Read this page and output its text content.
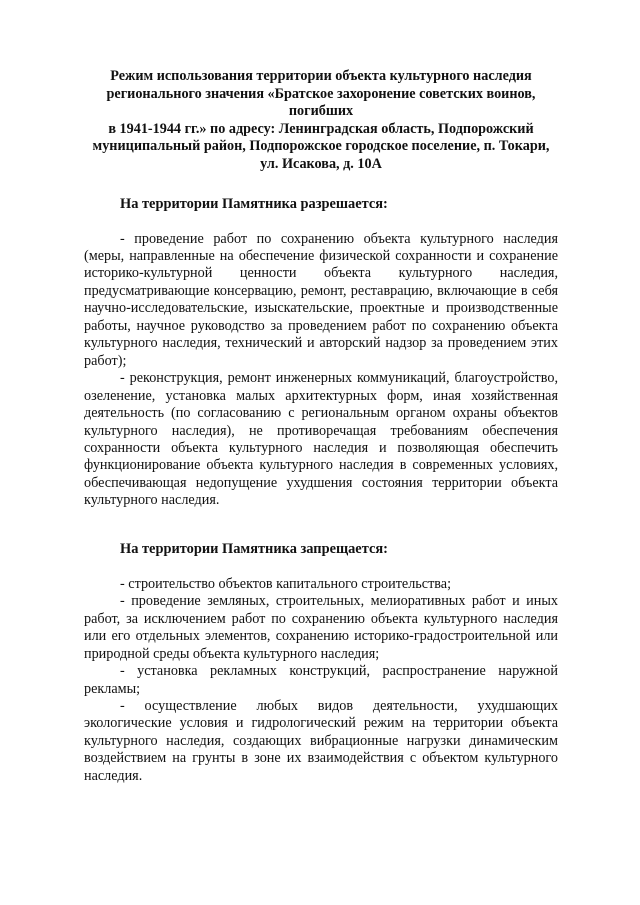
Режим использования территории объекта культурного наследия
регионального значения «Братское захоронение советских воинов, погибших
в 1941-1944 гг.» по адресу: Ленинградская область, Подпорожский
муниципальный район, Подпорожское городское поселение, п. Токари,
ул. Исакова, д. 10А
На территории Памятника разрешается:

- проведение работ по сохранению объекта культурного наследия (меры, направленные на обеспечение физической сохранности и сохранение историко-культурной ценности объекта культурного наследия, предусматривающие консервацию, ремонт, реставрацию, включающие в себя научно-исследовательские, изыскательские, проектные и производственные работы, научное руководство за проведением работ по сохранению объекта культурного наследия, технический и авторский надзор за проведением этих работ);

- реконструкция, ремонт инженерных коммуникаций, благоустройство, озеленение, установка малых архитектурных форм, иная хозяйственная деятельность (по согласованию с региональным органом охраны объектов культурного наследия), не противоречащая требованиям обеспечения сохранности объекта культурного наследия и позволяющая обеспечить функционирование объекта культурного наследия в современных условиях, обеспечивающая недопущение ухудшения состояния территории объекта культурного наследия.

На территории Памятника запрещается:

- строительство объектов капитального строительства;

- проведение земляных, строительных, мелиоративных работ и иных работ, за исключением работ по сохранению объекта культурного наследия или его отдельных элементов, сохранению историко-градостроительной или природной среды объекта культурного наследия;

- установка рекламных конструкций, распространение наружной рекламы;

- осуществление любых видов деятельности, ухудшающих экологические условия и гидрологический режим на территории объекта культурного наследия, создающих вибрационные нагрузки динамическим воздействием на грунты в зоне их взаимодействия с объектом культурного наследия.
